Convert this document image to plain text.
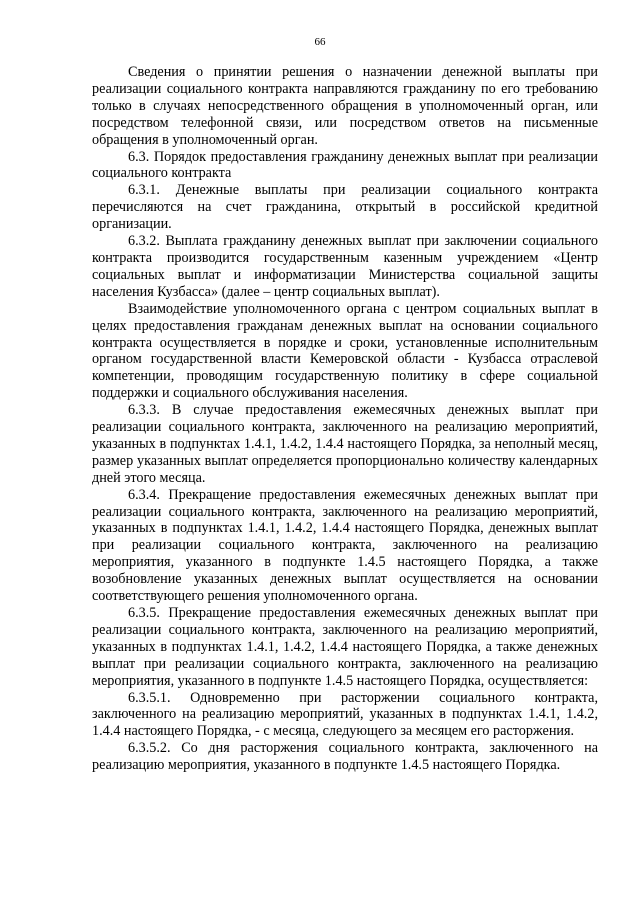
66

Сведения о принятии решения о назначении денежной выплаты при реализации социального контракта направляются гражданину по его требованию только в случаях непосредственного обращения в уполномоченный орган, или посредством телефонной связи, или посредством ответов на письменные обращения в уполномоченный орган.

6.3. Порядок предоставления гражданину денежных выплат при реализации социального контракта

6.3.1. Денежные выплаты при реализации социального контракта перечисляются на счет гражданина, открытый в российской кредитной организации.

6.3.2. Выплата гражданину денежных выплат при заключении социального контракта производится государственным казенным учреждением «Центр социальных выплат и информатизации Министерства социальной защиты населения Кузбасса» (далее – центр социальных выплат).

Взаимодействие уполномоченного органа с центром социальных выплат в целях предоставления гражданам денежных выплат на основании социального контракта осуществляется в порядке и сроки, установленные исполнительным органом государственной власти Кемеровской области - Кузбасса отраслевой компетенции, проводящим государственную политику в сфере социальной поддержки и социального обслуживания населения.

6.3.3. В случае предоставления ежемесячных денежных выплат при реализации социального контракта, заключенного на реализацию мероприятий, указанных в подпунктах 1.4.1, 1.4.2, 1.4.4 настоящего Порядка, за неполный месяц, размер указанных выплат определяется пропорционально количеству календарных дней этого месяца.

6.3.4. Прекращение предоставления ежемесячных денежных выплат при реализации социального контракта, заключенного на реализацию мероприятий, указанных в подпунктах 1.4.1, 1.4.2, 1.4.4 настоящего Порядка, денежных выплат при реализации социального контракта, заключенного на реализацию мероприятия, указанного в подпункте 1.4.5 настоящего Порядка, а также возобновление указанных денежных выплат осуществляется на основании соответствующего решения уполномоченного органа.

6.3.5. Прекращение предоставления ежемесячных денежных выплат при реализации социального контракта, заключенного на реализацию мероприятий, указанных в подпунктах 1.4.1, 1.4.2, 1.4.4 настоящего Порядка, а также денежных выплат при реализации социального контракта, заключенного на реализацию мероприятия, указанного в подпункте 1.4.5 настоящего Порядка, осуществляется:

6.3.5.1. Одновременно при расторжении социального контракта, заключенного на реализацию мероприятий, указанных в подпунктах 1.4.1, 1.4.2, 1.4.4 настоящего Порядка, - с месяца, следующего за месяцем его расторжения.

6.3.5.2. Со дня расторжения социального контракта, заключенного на реализацию мероприятия, указанного в подпункте 1.4.5 настоящего Порядка.
